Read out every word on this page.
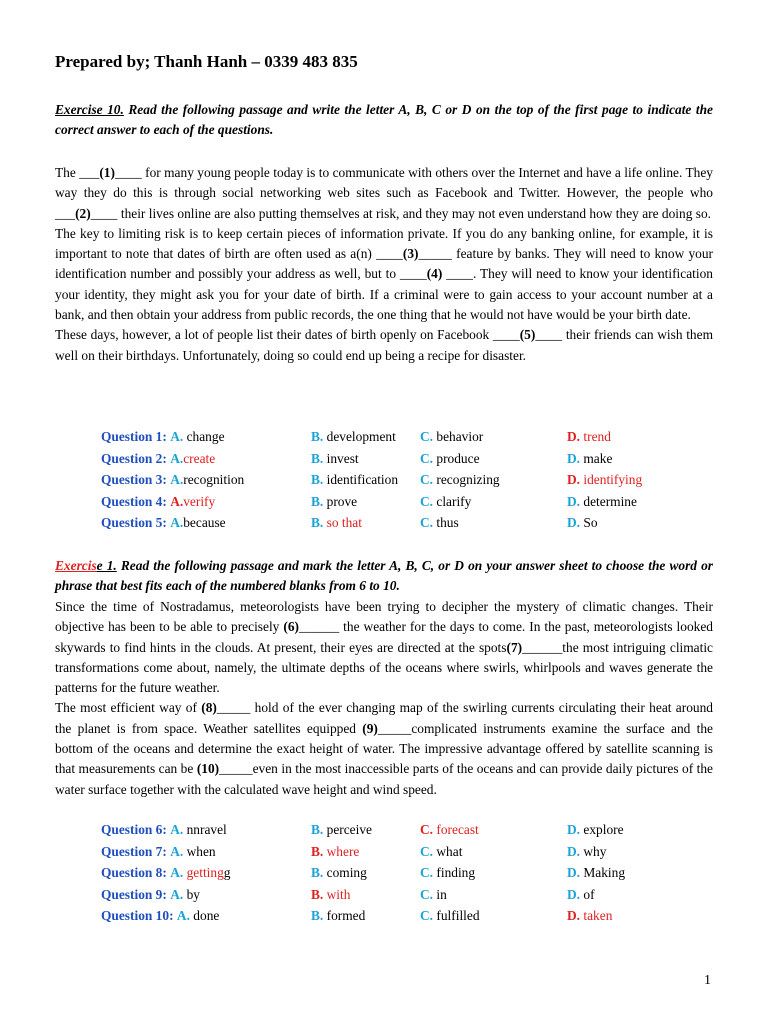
Prepared by; Thanh Hanh – 0339 483 835
Exercise 10. Read the following passage and write the letter A, B, C or D on the top of the first page to indicate the correct answer to each of the questions.

The ___(1)____ for many young people today is to communicate with others over the Internet and have a life online. They way they do this is through social networking web sites such as Facebook and Twitter. However, the people who ___(2)____ their lives online are also putting themselves at risk, and they may not even understand how they are doing so.

The key to limiting risk is to keep certain pieces of information private. If you do any banking online, for example, it is important to note that dates of birth are often used as a(n) ____(3)_____ feature by banks. They will need to know your identification number and possibly your address as well, but to ____(4) ____. They will need to know your identification your identity, they might ask you for your date of birth. If a criminal were to gain access to your account number at a bank, and then obtain your address from public records, the one thing that he would not have would be your birth date.

These days, however, a lot of people list their dates of birth openly on Facebook ____(5)____ their friends can wish them well on their birthdays. Unfortunately, doing so could end up being a recipe for disaster.

Question 1: A. change	B. development C. behavior	D. trend
Question 2: A.create	B. invest	C. produce	D. make
Question 3: A.recognition	B. identification C. recognizing	D. identifying
Question 4: A.verify	B. prove	C. clarify	D. determine
Question 5: A.because	B. so that	C. thus	D. So
Exercise 1. Read the following passage and mark the letter A, B, C, or D on your answer sheet to choose the word or phrase that best fits each of the numbered blanks from 6 to 10.

Since the time of Nostradamus, meteorologists have been trying to decipher the mystery of climatic changes. Their objective has been to be able to precisely (6)______ the weather for the days to come. In the past, meteorologists looked skywards to find hints in the clouds. At present, their eyes are directed at the spots(7)______the most intriguing climatic transformations come about, namely, the ultimate depths of the oceans where swirls, whirlpools and waves generate the patterns for the future weather.

The most efficient way of (8)_____ hold of the ever changing map of the swirling currents circulating their heat around the planet is from space. Weather satellites equipped (9)_____complicated instruments examine the surface and the bottom of the oceans and determine the exact height of water. The impressive advantage offered by satellite scanning is that measurements can be (10)_____even in the most inaccessible parts of the oceans and can provide daily pictures of the water surface together with the calculated wave height and wind speed.

Question 6: A. nnravel	B. perceive	C. forecast	D. explore
Question 7: A. when	B. where	C. what	D. why
Question 8: A. gettingg	B. coming	C. finding	D. Making
Question 9: A. by	B. with	C. in	D. of
Question 10: A. done	B. formed	C. fulfilled	D. taken
1
